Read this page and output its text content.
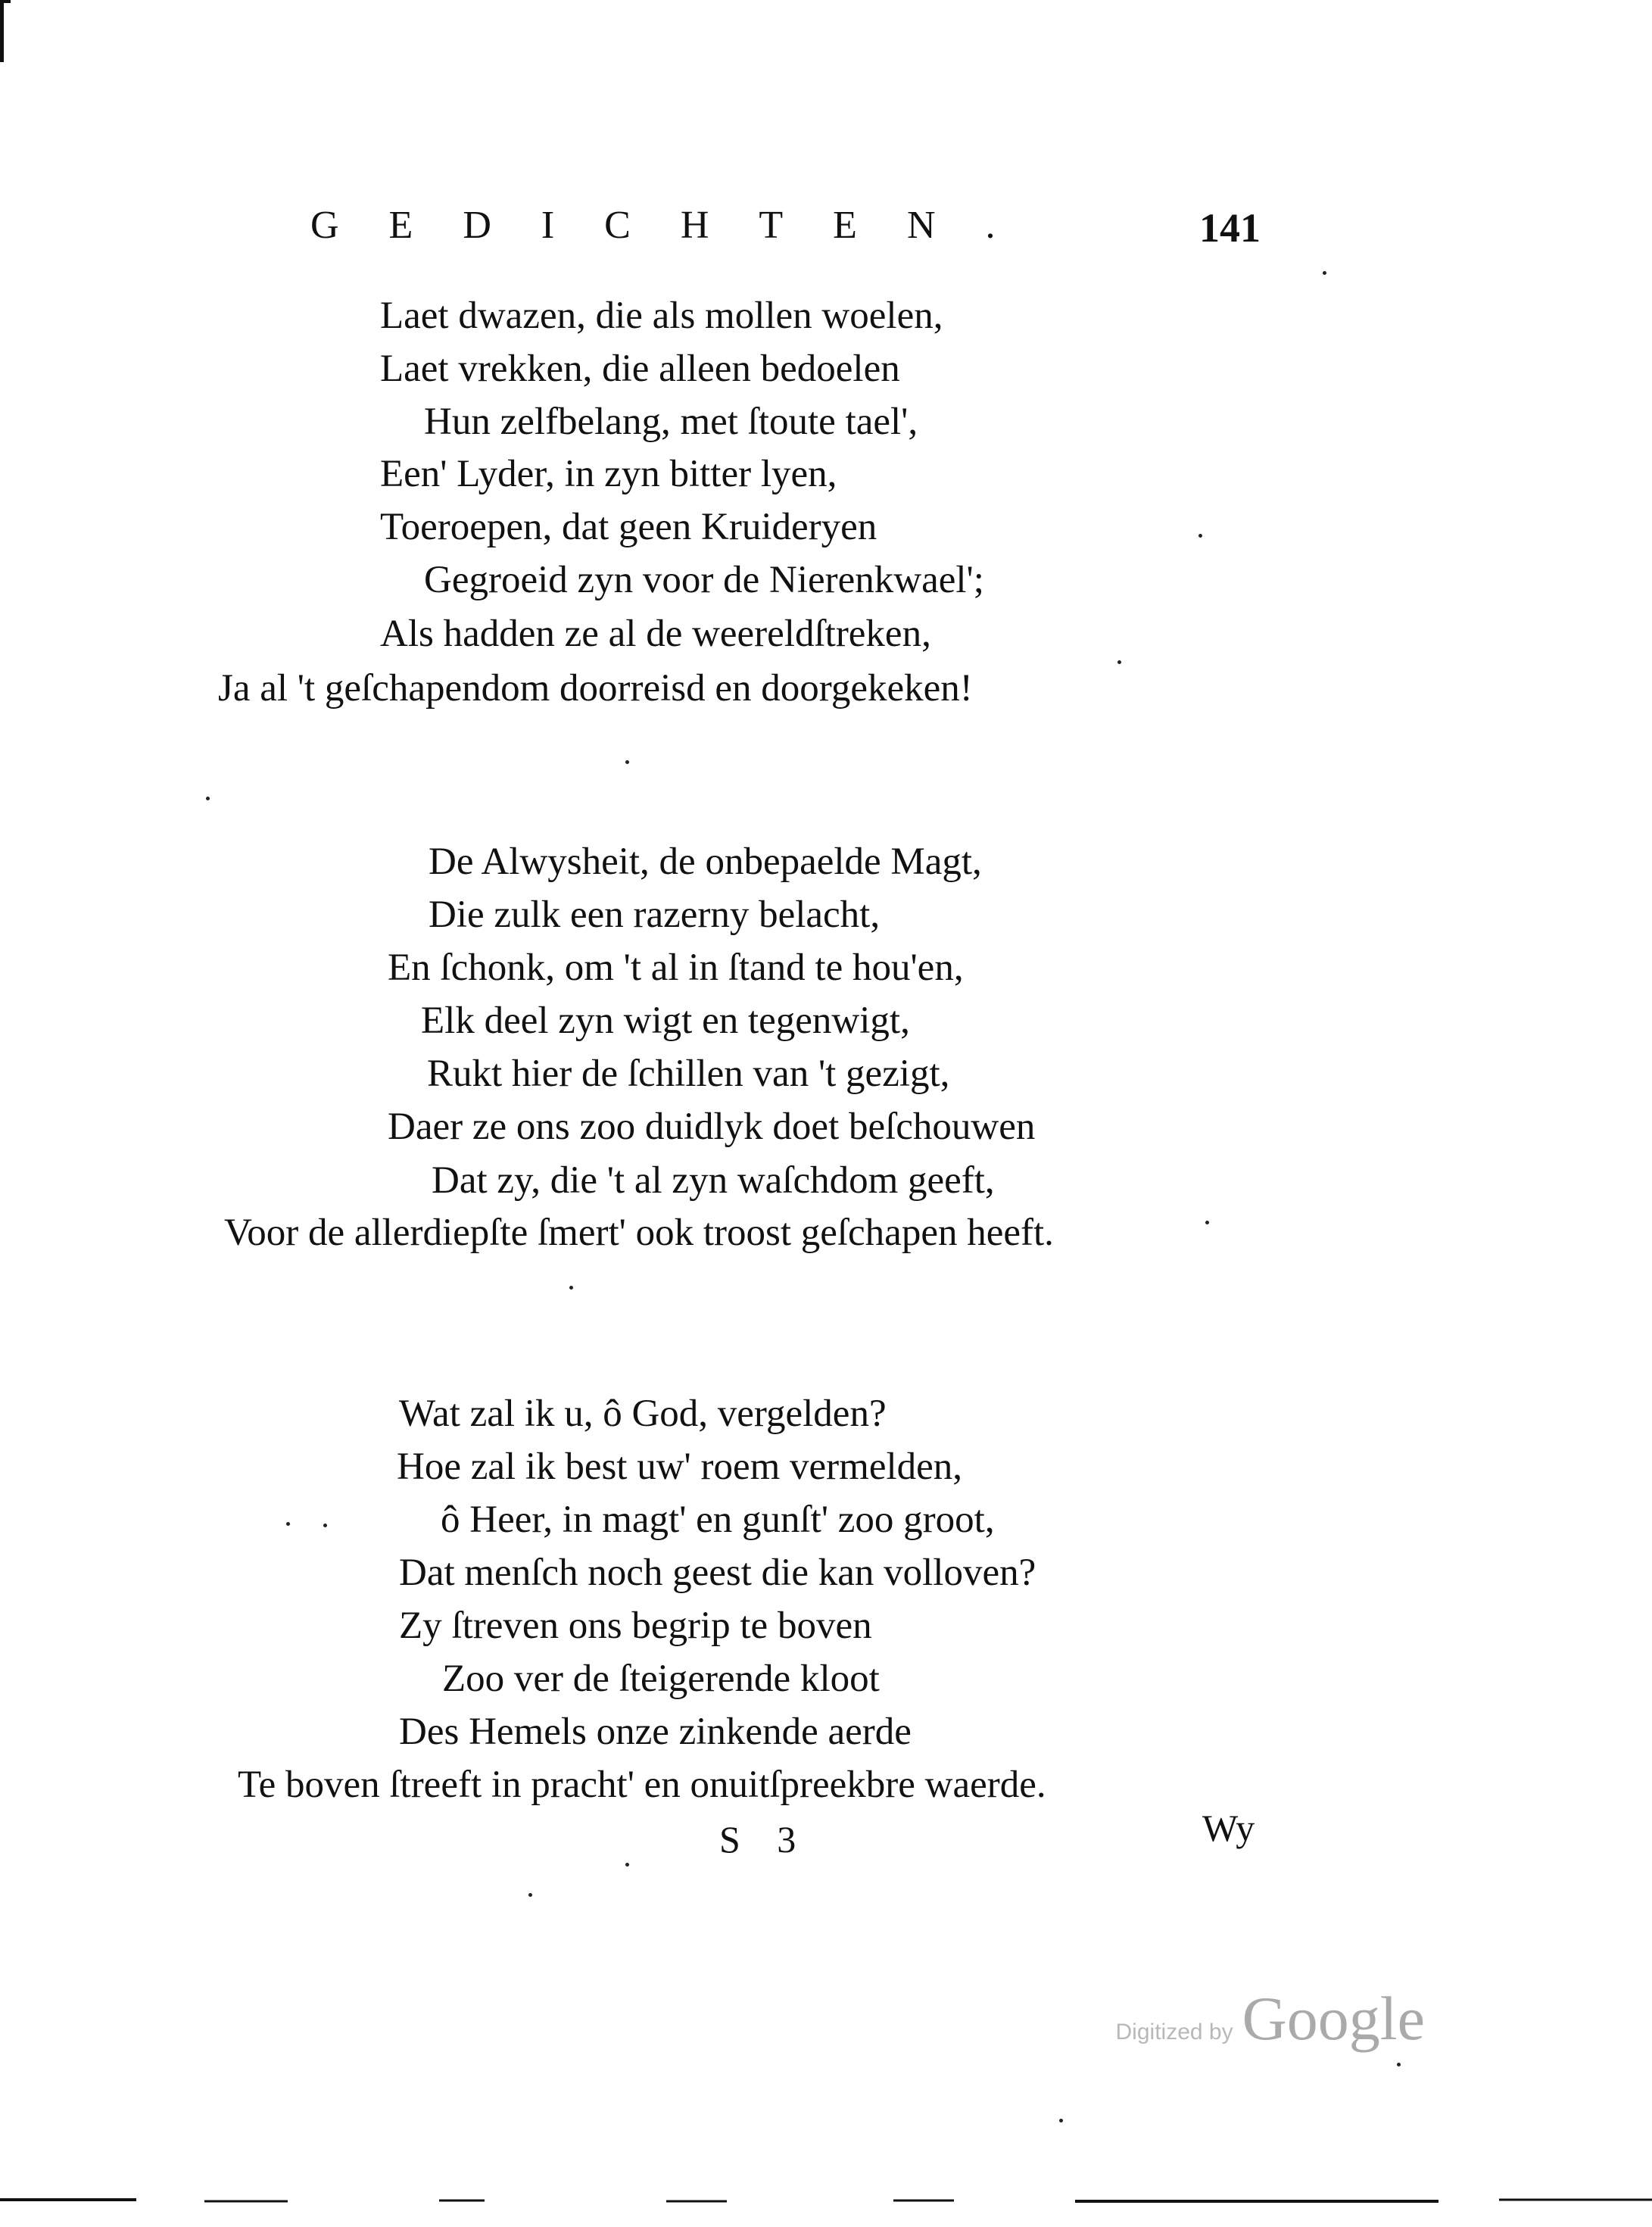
GEDICHTEN.	141
Laet dwazen, die als mollen woelen,
Laet vrekken, die alleen bedoelen
Hun zelfbelang, met ſtoute tael',
Een' Lyder, in zyn bitter lyen,
Toeroepen, dat geen Kruideryen
Gegroeid zyn voor de Nierenkwael';
Als hadden ze al de weereldſtreken,
Ja al 't geſchapendom doorreisd en doorgekeken!
De Alwysheit, de onbepaelde Magt,
Die zulk een razerny belacht,
En ſchonk, om 't al in ſtand te hou'en,
Elk deel zyn wigt en tegenwigt,
Rukt hier de ſchillen van 't gezigt,
Daer ze ons zoo duidlyk doet beſchouwen
Dat zy, die 't al zyn waſchdom geeft,
Voor de allerdiepſte ſmert' ook troost geſchapen heeft.
Wat zal ik u, ô God, vergelden?
Hoe zal ik best uw' roem vermelden,
ô Heer, in magt' en gunſt' zoo groot,
Dat menſch noch geest die kan volloven?
Zy ſtreven ons begrip te boven
Zoo ver de ſteigerende kloot
Des Hemels onze zinkende aerde
Te boven ſtreeft in pracht' en onuitſpreekbre waerde.
S 3	Wy
Digitized by Google
